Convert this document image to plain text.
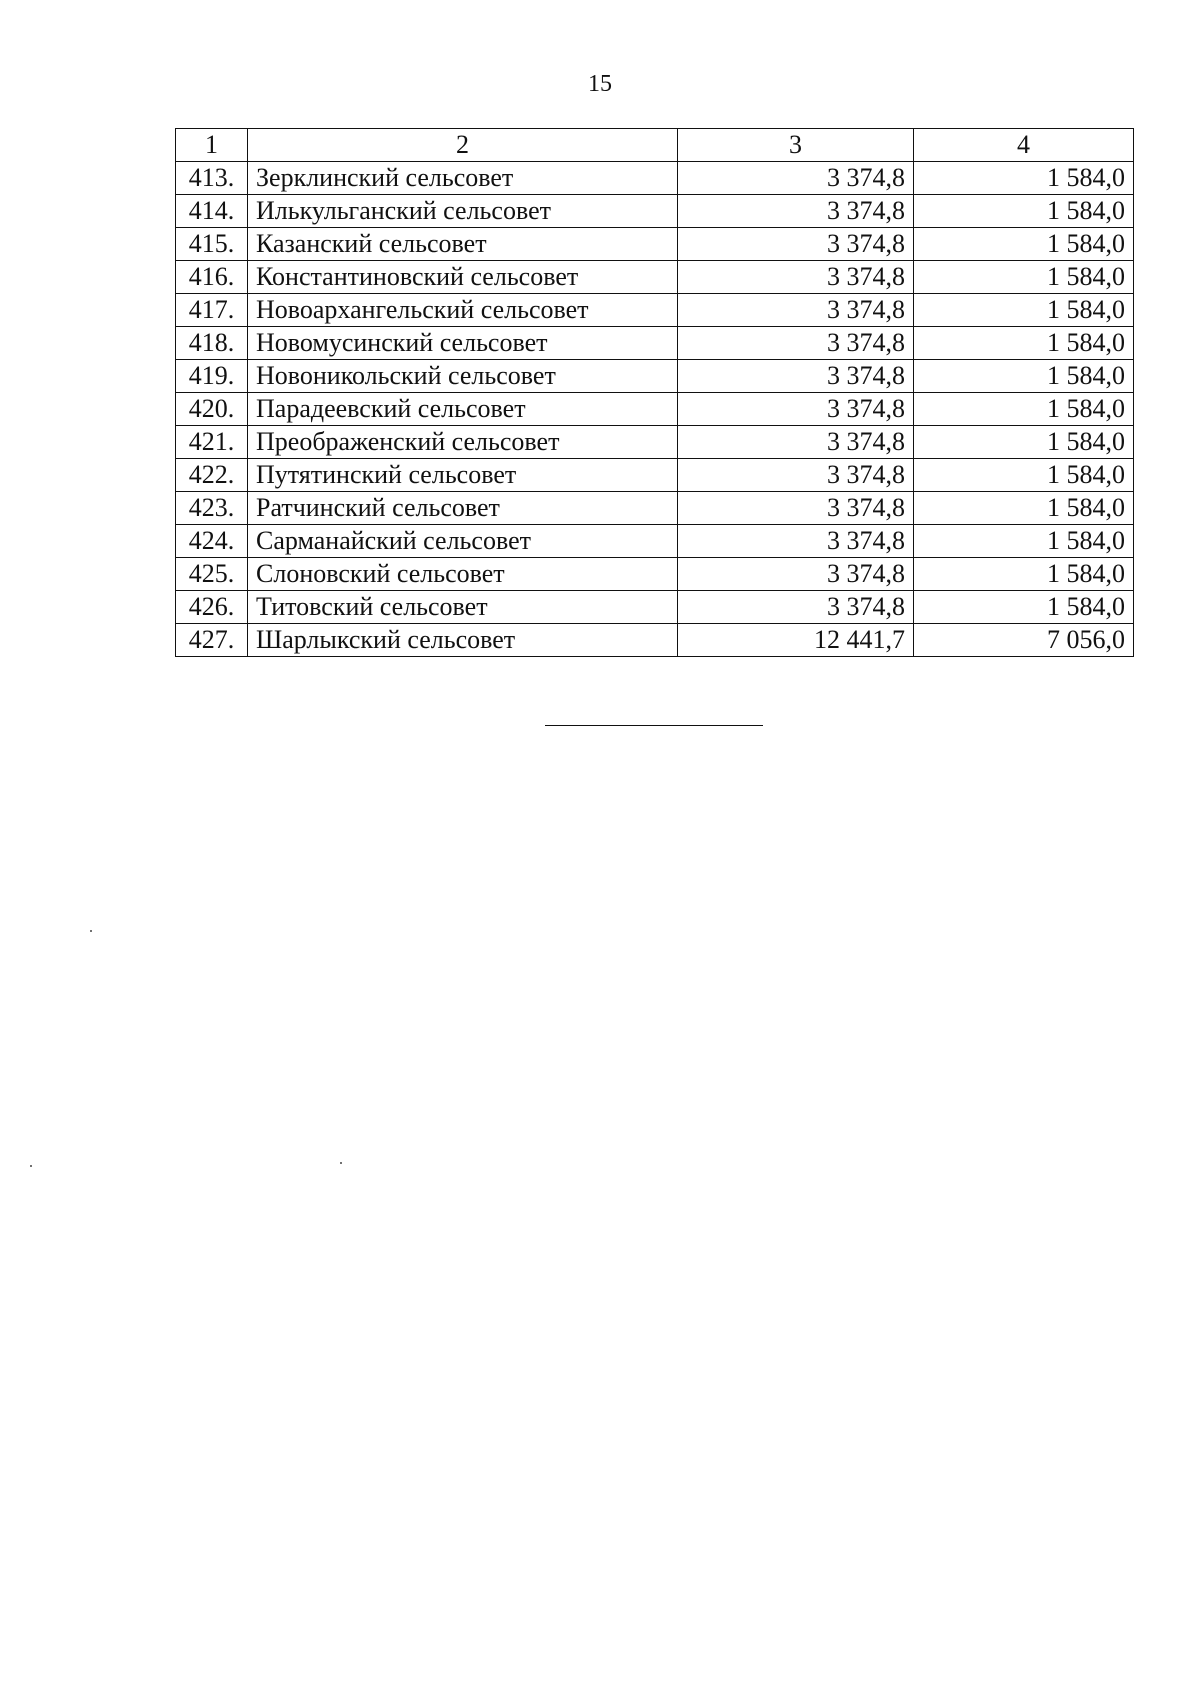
15
1	2	3	4
413.	Зерклинский сельсовет	3 374,8	1 584,0
414.	Илькульганский сельсовет	3 374,8	1 584,0
415.	Казанский сельсовет	3 374,8	1 584,0
416.	Константиновский сельсовет	3 374,8	1 584,0
417.	Новоархангельский сельсовет	3 374,8	1 584,0
418.	Новомусинский сельсовет	3 374,8	1 584,0
419.	Новоникольский сельсовет	3 374,8	1 584,0
420.	Парадеевский сельсовет	3 374,8	1 584,0
421.	Преображенский сельсовет	3 374,8	1 584,0
422.	Путятинский сельсовет	3 374,8	1 584,0
423.	Ратчинский сельсовет	3 374,8	1 584,0
424.	Сарманайский сельсовет	3 374,8	1 584,0
425.	Слоновский сельсовет	3 374,8	1 584,0
426.	Титовский сельсовет	3 374,8	1 584,0
427.	Шарлыкский сельсовет	12 441,7	7 056,0
